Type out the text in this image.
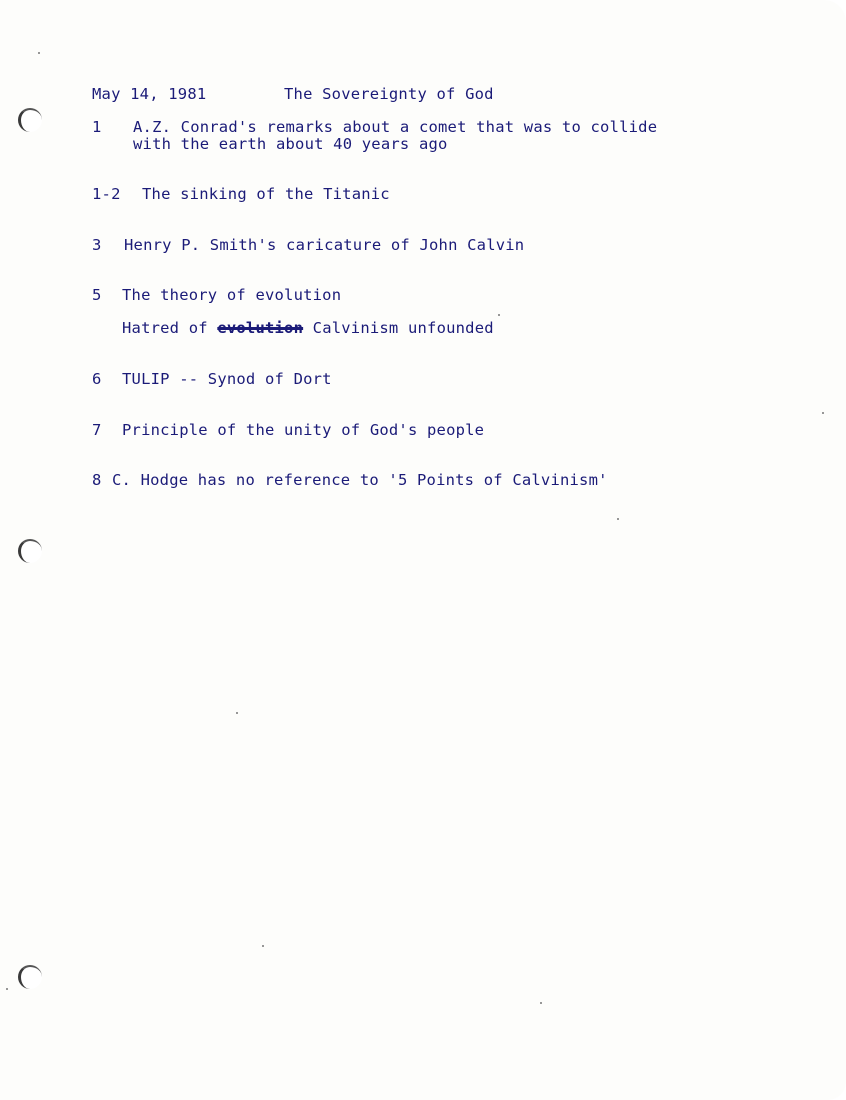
May 14, 1981	The Sovereignty of God
1 A.Z. Conrad's remarks about a comet that was to collide
with the earth about 40 years ago
1-2 The sinking of the Titanic
3 Henry P. Smith's caricature of John Calvin
5 The theory of evolution
Hatred of evolution Calvinism unfounded
6 TULIP -- Synod of Dort
7 Principle of the unity of God's people
8 C. Hodge has no reference to '5 Points of Calvinism'
